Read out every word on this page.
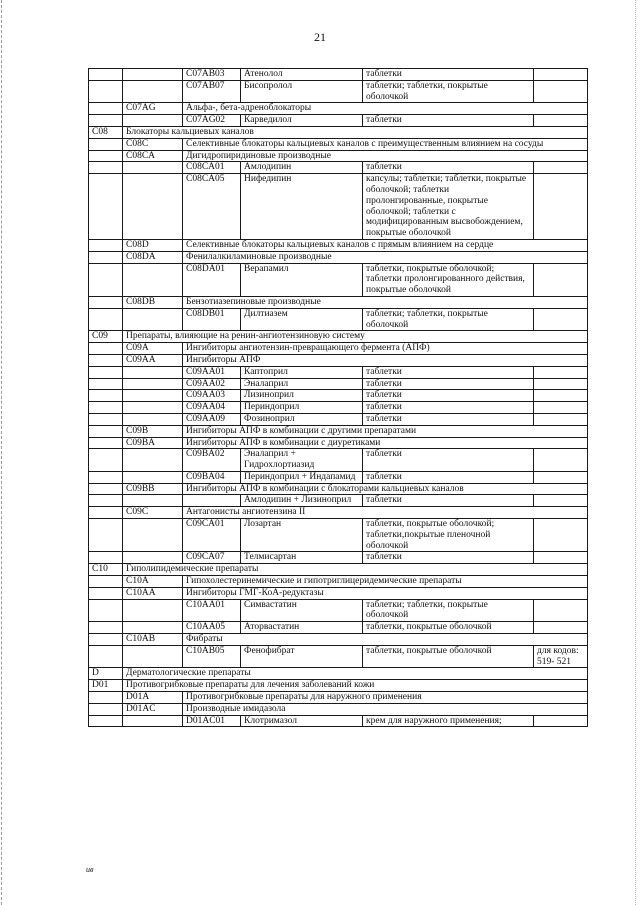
21
		C07AB03	Атенолол	таблетки	
		C07AB07	Бисопролол	таблетки; таблетки, покрытые оболочкой	
	C07AG	Альфа-, бета-адреноблокаторы			
		C07AG02	Карведилол	таблетки	
C08	Блокаторы кальциевых каналов				
	C08C	Селективные блокаторы кальциевых каналов с преимущественным влиянием на сосуды			
	C08CA	Дигидропиридиновые производные			
		C08CA01	Амлодипин	таблетки	
		C08CA05	Нифедипин	капсулы; таблетки; таблетки, покрытые оболочкой; таблетки пролонгированные, покрытые оболочкой; таблетки с модифицированным высвобождением, покрытые оболочкой	
	C08D	Селективные блокаторы кальциевых каналов с прямым влиянием на сердце			
	C08DA	Фенилалкиламиновые производные			
		C08DA01	Верапамил	таблетки, покрытые оболочкой; таблетки пролонгированного действия, покрытые оболочкой	
	C08DB	Бензотиазепиновые производные			
		C08DB01	Дилтиазем	таблетки; таблетки, покрытые оболочкой	
C09	Препараты, влияющие на ренин-ангиотензиновую систему				
	C09A	Ингибиторы ангиотензин-превращающего фермента (АПФ)			
	C09AA	Ингибиторы АПФ			
		C09AA01	Каптоприл	таблетки	
		C09AA02	Эналаприл	таблетки	
		C09AA03	Лизиноприл	таблетки	
		C09AA04	Периндоприл	таблетки	
		C09AA09	Фозиноприл	таблетки	
	C09B	Ингибиторы АПФ в комбинации с другими препаратами			
	C09BA	Ингибиторы АПФ в комбинации с диуретиками			
		C09BA02	Эналаприл + Гидрохлортиазид	таблетки	
		C09BA04	Периндоприл + Индапамид	таблетки	
	C09BB	Ингибиторы АПФ в комбинации с блокаторами кальциевых каналов			
			Амлодипин + Лизиноприл	таблетки	
	C09C	Антагонисты ангиотензина II			
		C09CA01	Лозартан	таблетки, покрытые оболочкой; таблетки,покрытые пленочной оболочкой	
		C09CA07	Телмисартан	таблетки	
C10	Гиполипидемические препараты				
	C10A	Гипохолестеринемические и гипотриглицеридемические препараты			
	C10AA	Ингибиторы ГМГ-КоА-редуктазы			
		C10AA01	Симвастатин	таблетки; таблетки, покрытые оболочкой	
		C10AA05	Аторвастатин	таблетки, покрытые оболочкой	
	C10AB	Фибраты			
		C10AB05	Фенофибрат	таблетки, покрытые оболочкой	для кодов: 519- 521
D	Дерматологические препараты				
D01	Противогрибковые препараты для лечения заболеваний кожи				
	D01A	Противогрибковые препараты для наружного применения			
	D01AC	Производные имидазола			
		D01AC01	Клотримазол	крем для наружного применения;	
ив
